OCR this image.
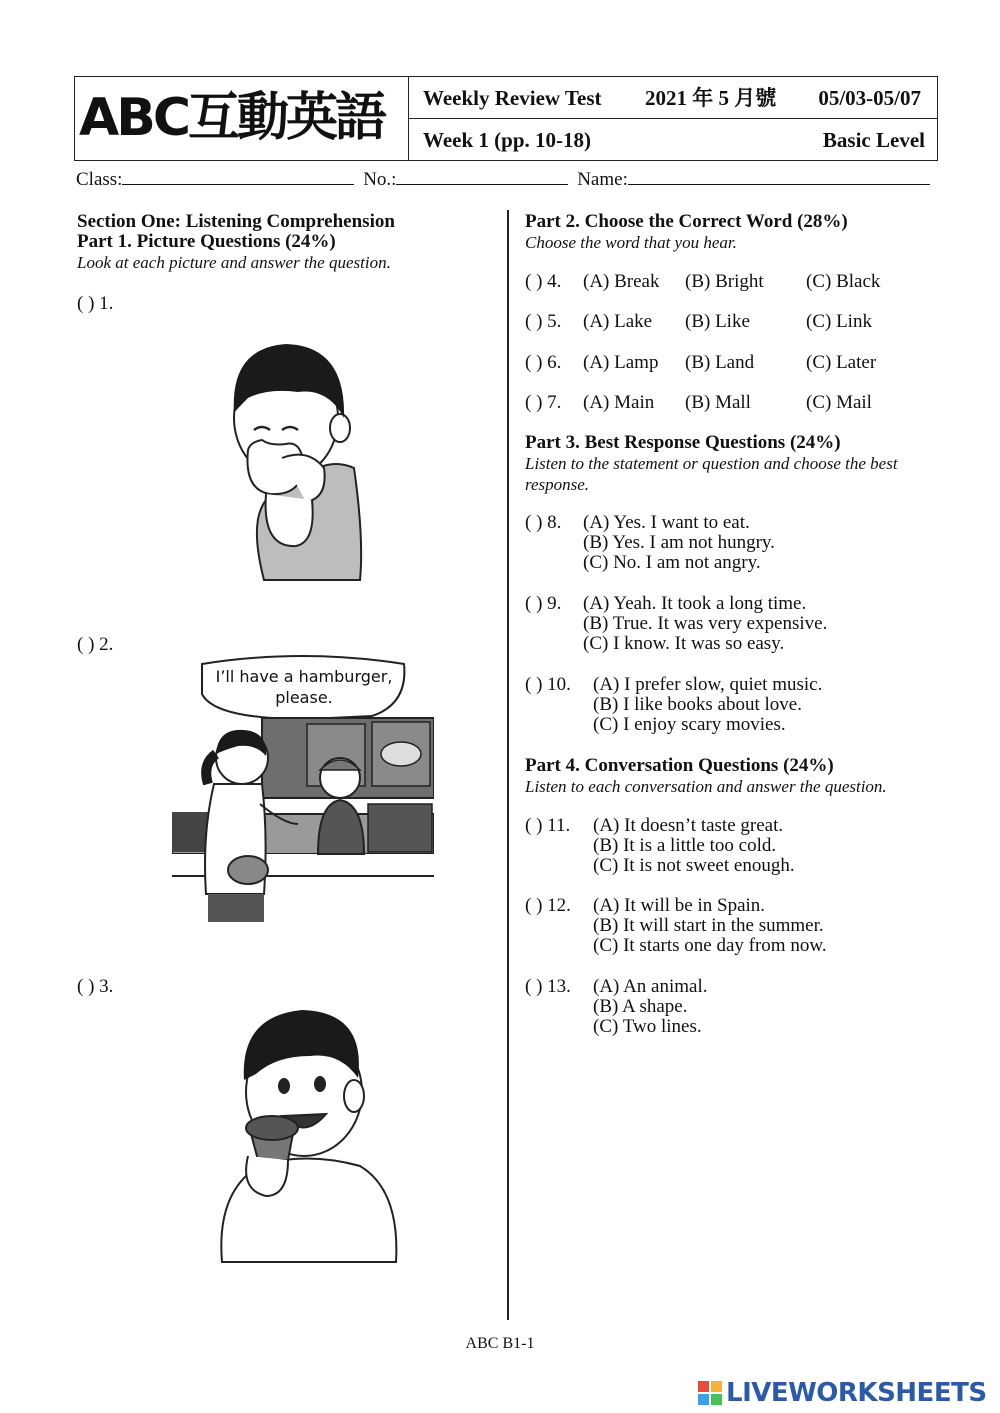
ABC互動英語 Weekly Review Test 2021 年 5 月號 05/03-05/07
Week 1 (pp. 10-18)	Basic Level
Class:	No.:	Name:
Section One: Listening Comprehension
Part 1. Picture Questions (24%)
Look at each picture and answer the question.
( ) 1.
( ) 2.
I’ll have a hamburger, please.
( ) 3.
Part 2. Choose the Correct Word (28%)
Choose the word that you hear.
( ) 4. (A) Break (B) Bright (C) Black
( ) 5. (A) Lake (B) Like	(C) Link
( ) 6. (A) Lamp (B) Land	(C) Later
( ) 7. (A) Main (B) Mall	(C) Mail
Part 3. Best Response Questions (24%)
Listen to the statement or question and choose the best
response.
( ) 8. (A) Yes. I want to eat.
(B) Yes. I am not hungry.
(C) No. I am not angry.
( ) 9. (A) Yeah. It took a long time.
(B) True. It was very expensive.
(C) I know. It was so easy.
( ) 10. (A) I prefer slow, quiet music.
(B) I like books about love.
(C) I enjoy scary movies.
Part 4. Conversation Questions (24%)
Listen to each conversation and answer the question.
( ) 11. (A) It doesn’t taste great.
(B) It is a little too cold.
(C) It is not sweet enough.
( ) 12. (A) It will be in Spain.
(B) It will start in the summer.
(C) It starts one day from now.
( ) 13. (A) An animal.
(B) A shape.
(C) Two lines.
ABC B1-1
LIVEWORKSHEETS
